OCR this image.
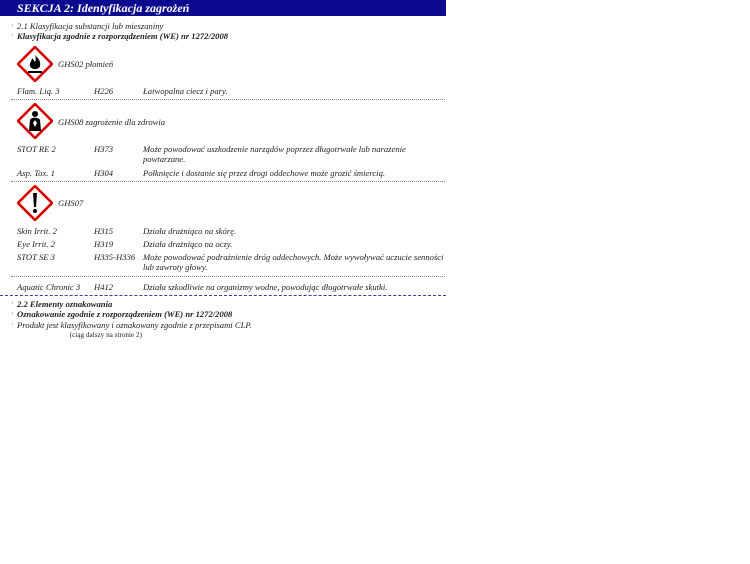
SEKCJA 2: Identyfikacja zagrożeń
· 2.1 Klasyfikacja substancji lub mieszaniny
· Klasyfikacja zgodnie z rozporządzeniem (WE) nr 1272/2008
GHS02 płomień
Flam. Liq. 3	H226	Łatwopalna ciecz i pary.
GHS08 zagrożenie dla zdrowia
STOT RE 2	H373	Może powodować uszkodzenie narządów poprzez długotrwałe lub narażenie powtarzane.
Asp. Tox. 1	H304	Połknięcie i dostanie się przez drogi oddechowe może grozić śmiercią.
GHS07
Skin Irrit. 2	H315	Działa drażniąco na skórę.
Eye Irrit. 2	H319	Działa drażniąco na oczy.
STOT SE 3	H335-H336 Może powodować podrażnienie dróg oddechowych. Może wywoływać uczucie senności lub zawroty głowy.
Aquatic Chronic 3 H412	Działa szkodliwie na organizmy wodne, powodując długotrwałe skutki.
· 2.2 Elementy oznakowania
· Oznakowanie zgodnie z rozporządzeniem (WE) nr 1272/2008
· Produkt jest klasyfikowany i oznakowany zgodnie z przepisami CLP.
(ciąg dalszy na stronie 2)
